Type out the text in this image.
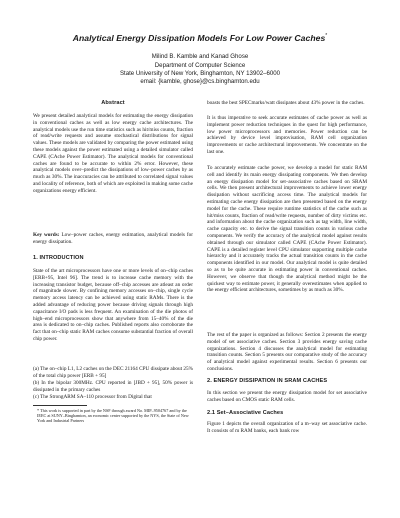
Analytical Energy Dissipation Models For Low Power Caches*
Milind B. Kamble and Kanad Ghose
Department of Computer Science
State University of New York, Binghamton, NY 13902–6000
email: {kamble, ghose}@cs.binghamton.edu
Abstract
We present detailed analytical models for estimating the energy dissipation in conventional caches as well as low energy cache architectures. The analytical models use the run time statistics such as hit/miss counts, fraction of read/write requests and assume stochastical distributions for signal values. These models are validated by comparing the power estimated using these models against the power estimated using a detailed simulator called CAPE (CAche Power Estimator). The analytical models for conventional caches are found to be accurate to within 2% error. However, these analytical models over–predict the dissipations of low–power caches by as much as 30%. The inaccuracies can be attributed to correlated signal values and locality of reference, both of which are exploited in making some cache organizations energy efficient.
Key words: Low–power caches, energy estimation, analytical models for energy dissipation.
1. INTRODUCTION
State of the art microprocessors have one or more levels of on–chip caches [ERB+95, Intel 96]. The trend is to increase cache memory with the increasing transistor budget, because off–chip accesses are atleast an order of magnitude slower. By confining memory accesses on–chip, single cycle memory access latency can be achieved using static RAMs. There is the added advantage of reducing power because driving signals through high capacitance I/O pads is less frequent. An examination of the die photos of high–end microprocessors show that anywhere from 15–40% of the die area is dedicated to on–chip caches. Published reports also corroborate the fact that on–chip static RAM caches consume substantial fraction of overall chip power.
(a) The on–chip L1, L2 caches on the DEC 21164 CPU dissipate about 25% of the total chip power [ERB + 95]
(b) In the bipolar 300MHz. CPU reported in [JBD + 95], 50% power is dissipated in the primary caches
(c) The StrongARM SA–110 processor from Digital that
* This work is supported in part by the NSF through award No. MIP–9504767 and by the IEEC at SUNY–Binghamton, an economic center supported by the NYS, the State of New York and Industrial Partners
boasts the best SPECmarks/watt dissipates about 43% power in the caches.
It is thus imperative to seek accurate estimates of cache power as well as implement power reduction techniques in the quest for high performance, low power microprocessors and memories. Power reduction can be achieved by device level improvisation, RAM cell organization improvements or cache architectural improvements. We concentrate on the last one.
To accurately estimate cache power, we develop a model for static RAM cell and identify its main energy dissipating components. We then develop an energy dissipation model for set–associative caches based on SRAM cells. We then present architectural improvements to achieve lower energy dissipation without sacrificing access time. The analytical models for estimating cache energy dissipation are then presented based on the energy model for the cache. These require runtime statistics of the cache such as hit/miss counts, fraction of read/write requests, number of dirty victims etc. and information about the cache organization such as tag width, line width, cache capacity etc. to derive the signal transition counts in various cache components. We verify the accuracy of the analytical model against results obtained through our simulator called CAPE (CAche Power Estimator). CAPE is a detailed register level CPU simulator supporting multiple cache hierarchy and it accurately tracks the actual transition counts in the cache components identified in our model. Our analytical model is quite detailed so as to be quite accurate in estimating power in conventional caches. However, we observe that though the analytical method might be the quickest way to estimate power, it generally overestimates when applied to the energy efficient architectures, sometimes by as much as 30%.
The rest of the paper is organized as follows: Section 2 presents the energy model of set associative caches. Section 3 provides energy saving cache organizations. Section 4 discusses the analytical model for estimating transition counts. Section 5 presents our comparative study of the accuracy of analytical model against experimental results. Section 6 presents our conclusions.
2. ENERGY DISSIPATION IN SRAM CACHES
In this section we present the energy dissipation model for set associative caches based on CMOS static RAM cells.
2.1 Set–Associative Caches
Figure 1 depicts the overall organization of a m–way set associative cache. It consists of m RAM banks, each bank row
